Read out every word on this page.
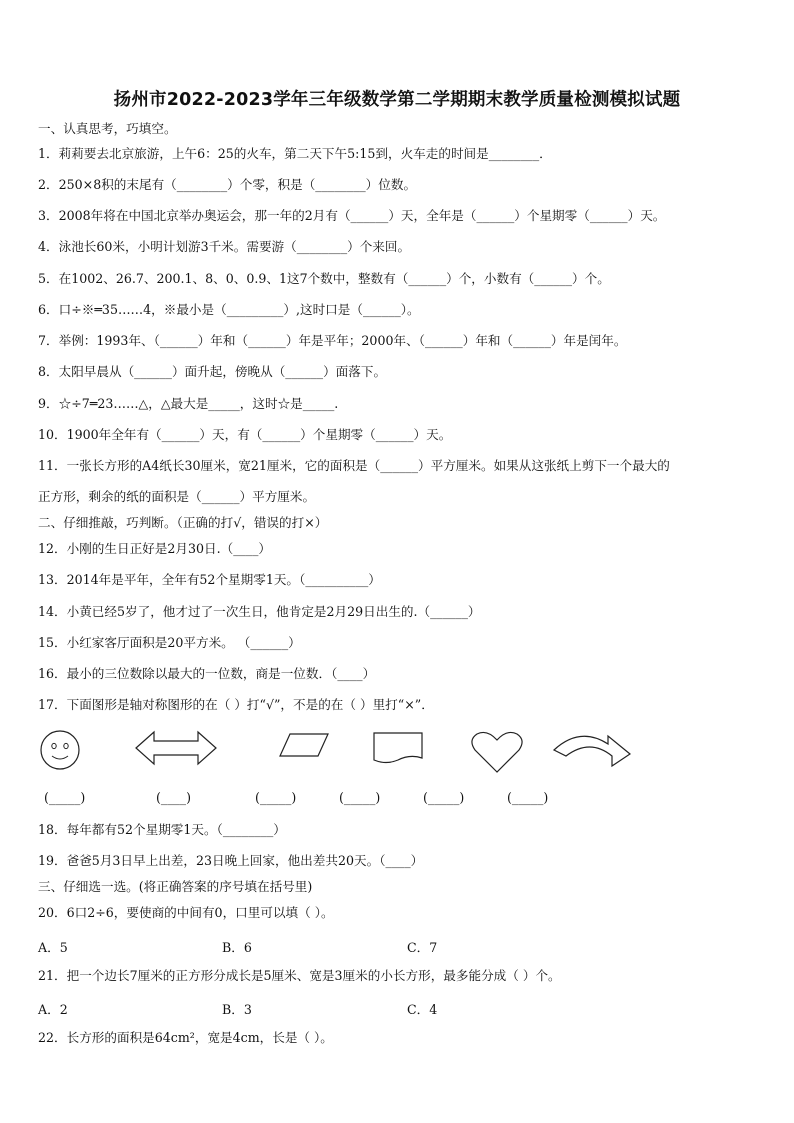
扬州市2022-2023学年三年级数学第二学期期末教学质量检测模拟试题
一、认真思考，巧填空。
1．莉莉要去北京旅游，上午6：25的火车，第二天下午5:15到，火车走的时间是________．
2．250×8积的末尾有（________）个零，积是（________）位数。
3．2008年将在中国北京举办奥运会，那一年的2月有（______）天，全年是（______）个星期零（______）天。
4．泳池长60米，小明计划游3千米。需要游（________）个来回。
5．在1002、26.7、200.1、8、0、0.9、1这7个数中，整数有（______）个，小数有（______）个。
6．口÷※═35……4，※最小是（_________）,这时口是（______）。
7．举例：1993年、（______）年和（______）年是平年；2000年、（______）年和（______）年是闰年。
8．太阳早晨从（______）面升起，傍晚从（______）面落下。
9．☆÷7═23……△，△最大是_____，这时☆是_____.
10．1900年全年有（______）天，有（______）个星期零（______）天。
11．一张长方形的A4纸长30厘米，宽21厘米，它的面积是（______）平方厘米。如果从这张纸上剪下一个最大的
正方形，剩余的纸的面积是（______）平方厘米。
二、仔细推敲，巧判断。（正确的打√，错误的打×）
12．小刚的生日正好是2月30日.（____）
13．2014年是平年，全年有52个星期零1天。（__________）
14．小黄已经5岁了，他才过了一次生日，他肯定是2月29日出生的.（______）
15．小红家客厅面积是20平方米。 （______）
16．最小的三位数除以最大的一位数，商是一位数．（____）
17．下面图形是轴对称图形的在（ ）打“√”，不是的在（ ）里打“×”．
(_____)	(____)	(_____)	(_____)	(_____)	(_____)
18．每年都有52个星期零1天。（________）
19．爸爸5月3日早上出差，23日晚上回家，他出差共20天。（____）
三、仔细选一选。(将正确答案的序号填在括号里)
20．6口2÷6，要使商的中间有0，口里可以填（ ）。
A．5	B．6	C．7
21．把一个边长7厘米的正方形分成长是5厘米、宽是3厘米的小长方形，最多能分成（ ）个。
A．2	B．3	C．4
22．长方形的面积是64cm²，宽是4cm，长是（ ）。
